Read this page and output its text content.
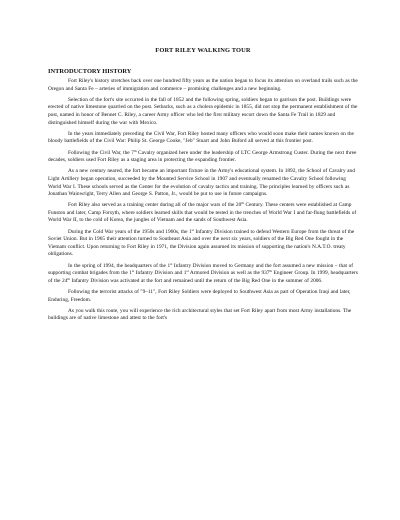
FORT RILEY WALKING TOUR
INTRODUCTORY HISTORY

Fort Riley's history stretches back over one hundred fifty years as the nation began to focus its attention on overland trails such as the Oregon and Santa Fe – arteries of immigration and commerce – promising challenges and a new beginning.

Selection of the fort's site occurred in the fall of 1852 and the following spring, soldiers began to garrison the post. Buildings were erected of native limestone quarried on the post. Setbacks, such as a cholera epidemic in 1855, did not stop the permanent establishment of the post, named in honor of Bennet C. Riley, a career Army officer who led the first military escort down the Santa Fe Trail in 1829 and distinguished himself during the war with Mexico.

In the years immediately preceding the Civil War, Fort Riley hosted many officers who would soon make their names known on the bloody battlefields of the Civil War: Philip St. George Cooke, "Jeb" Stuart and John Buford all served at this frontier post.

Following the Civil War, the 7th Cavalry organized here under the leadership of LTC George Armstrong Custer. During the next three decades, soldiers used Fort Riley as a staging area in protecting the expanding frontier.

As a new century neared, the fort became an important fixture in the Army's educational system. In 1892, the School of Cavalry and Light Artillery began operation, succeeded by the Mounted Service School in 1907 and eventually renamed the Cavalry School following World War I. These schools served as the Center for the evolution of cavalry tactics and training. The principles learned by officers such as Jonathan Wainwright, Terry Allen and George S. Patton, Jr., would be put to use in future campaigns.

Fort Riley also served as a training center during all of the major wars of the 20th Century. These centers were established at Camp Funston and later, Camp Forsyth, where soldiers learned skills that would be tested in the trenches of World War I and far-flung battlefields of World War II, to the cold of Korea, the jungles of Vietnam and the sands of Southwest Asia.

During the Cold War years of the 1950s and 1960s, the 1st Infantry Division trained to defend Western Europe from the threat of the Soviet Union. But in 1965 their attention turned to Southeast Asia and over the next six years, soldiers of the Big Red One fought in the Vietnam conflict. Upon returning to Fort Riley in 1971, the Division again assumed its mission of supporting the nation's N.A.T.O. treaty obligations.

In the spring of 1994, the headquarters of the 1st Infantry Division moved to Germany and the fort assumed a new mission – that of supporting combat brigades from the 1st Infantry Division and 1st Armored Division as well as the 937th Engineer Group. In 1999, headquarters of the 24th Infantry Division was activated at the fort and remained until the return of the Big Red One in the summer of 2006.

Following the terrorist attacks of "9–11", Fort Riley Soldiers were deployed to Southwest Asia as part of Operation Iraqi and later, Enduring, Freedom.

As you walk this route, you will experience the rich architectural styles that set Fort Riley apart from most Army installations. The buildings are of native limestone and attest to the fort's
